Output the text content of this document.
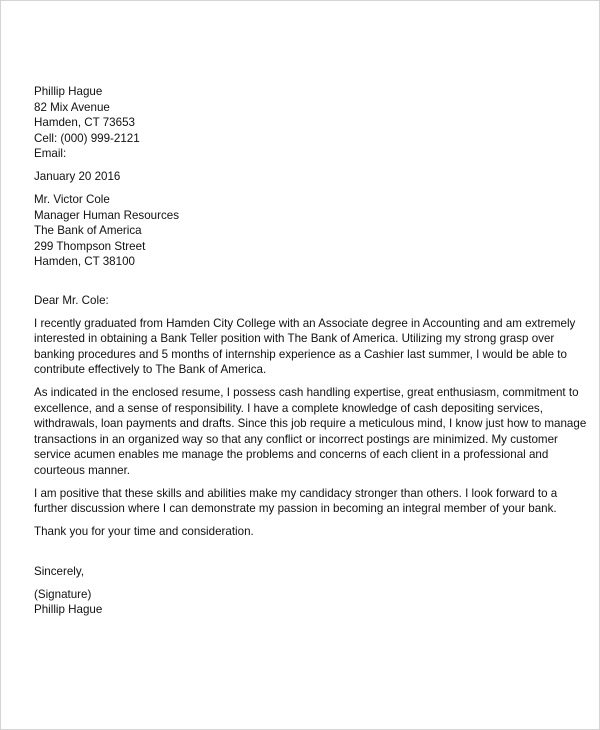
Phillip Hague
82 Mix Avenue
Hamden, CT 73653
Cell: (000) 999-2121
Email:
January 20 2016
Mr. Victor Cole
Manager Human Resources
The Bank of America
299 Thompson Street
Hamden, CT 38100
Dear Mr. Cole:

I recently graduated from Hamden City College with an Associate degree in Accounting and am extremely
interested in obtaining a Bank Teller position with The Bank of America. Utilizing my strong grasp over
banking procedures and 5 months of internship experience as a Cashier last summer, I would be able to
contribute effectively to The Bank of America.

As indicated in the enclosed resume, I possess cash handling expertise, great enthusiasm, commitment to
excellence, and a sense of responsibility. I have a complete knowledge of cash depositing services,
withdrawals, loan payments and drafts. Since this job require a meticulous mind, I know just how to manage
transactions in an organized way so that any conflict or incorrect postings are minimized. My customer
service acumen enables me manage the problems and concerns of each client in a professional and
courteous manner.

I am positive that these skills and abilities make my candidacy stronger than others. I look forward to a
further discussion where I can demonstrate my passion in becoming an integral member of your bank.

Thank you for your time and consideration.

Sincerely,
(Signature)
Phillip Hague
